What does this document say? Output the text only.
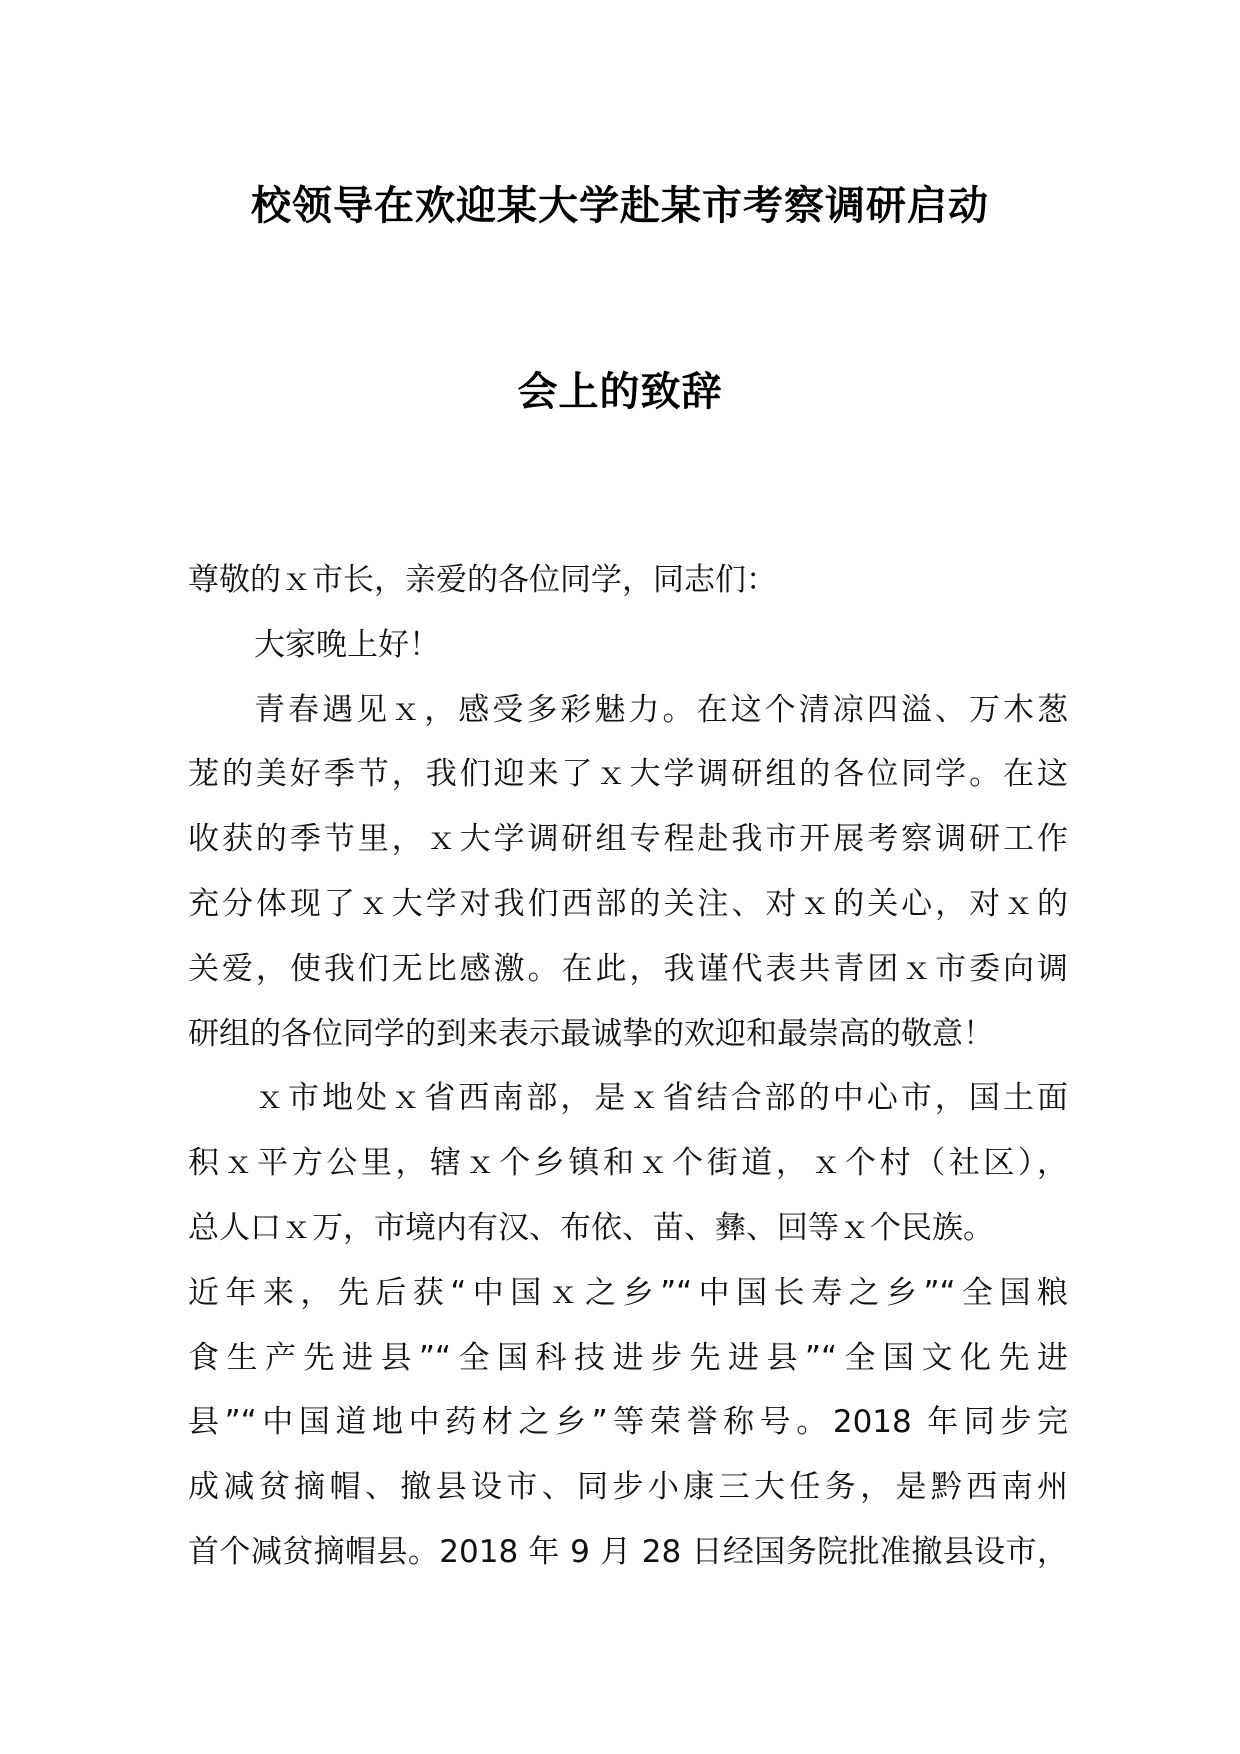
校领导在欢迎某大学赴某市考察调研启动
会上的致辞
尊敬的ｘ市长，亲爱的各位同学，同志们：
大家晚上好！
青春遇见ｘ，感受多彩魅力。在这个清凉四溢、万木葱
茏的美好季节，我们迎来了ｘ大学调研组的各位同学。在这
收获的季节里，ｘ大学调研组专程赴我市开展考察调研工作
充分体现了ｘ大学对我们西部的关注、对ｘ的关心，对ｘ的
关爱，使我们无比感激。在此，我谨代表共青团ｘ市委向调
研组的各位同学的到来表示最诚挚的欢迎和最崇高的敬意！
ｘ市地处ｘ省西南部，是ｘ省结合部的中心市，国土面
积ｘ平方公里，辖ｘ个乡镇和ｘ个街道，ｘ个村（社区），
总人口ｘ万，市境内有汉、布依、苗、彝、回等ｘ个民族。
近年来，先后获“中国ｘ之乡”“中国长寿之乡”“全国粮
食生产先进县”“全国科技进步先进县”“全国文化先进
县”“中国道地中药材之乡”等荣誉称号。2018 年同步完
成减贫摘帽、撤县设市、同步小康三大任务，是黔西南州
首个减贫摘帽县。2018 年 9 月 28 日经国务院批准撤县设市，
